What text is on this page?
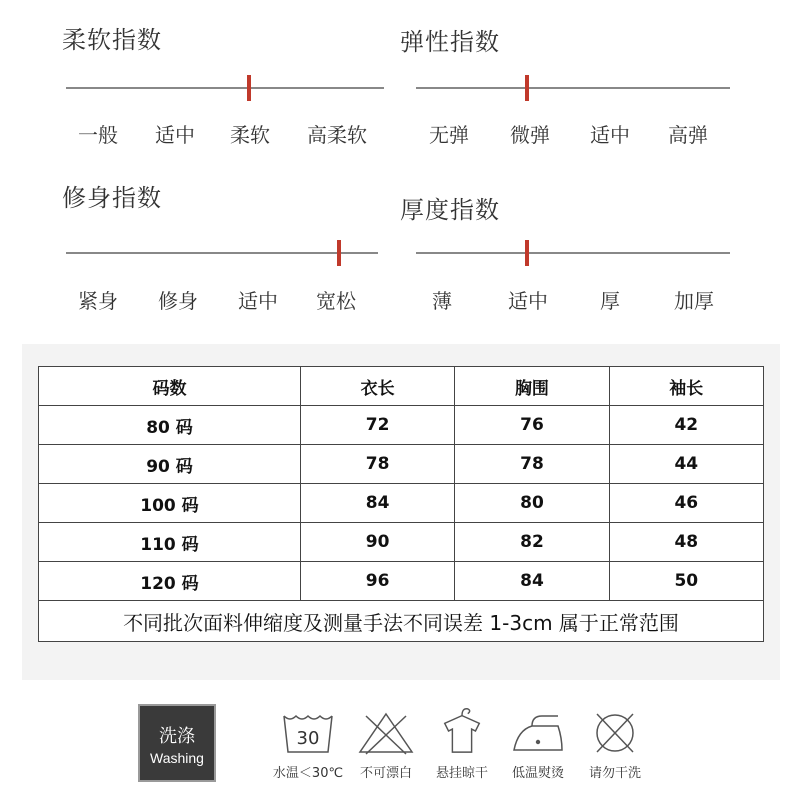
柔软指数
一般 适中 柔软 高柔软
弹性指数
无弹 微弹 适中 高弹
修身指数
紧身 修身 适中 宽松
厚度指数
薄	适中	厚	加厚
码数	衣长	胸围	袖长
80 码	72	76	42
90 码	78	78	44
100 码	84	80	46
110 码	90	82	48
120 码	96	84	50
不同批次面料伸缩度及测量手法不同误差 1-3cm 属于正常范围			
洗涤
Washing
30
水温＜30℃ 不可漂白 悬挂晾干 低温熨烫 请勿干洗
